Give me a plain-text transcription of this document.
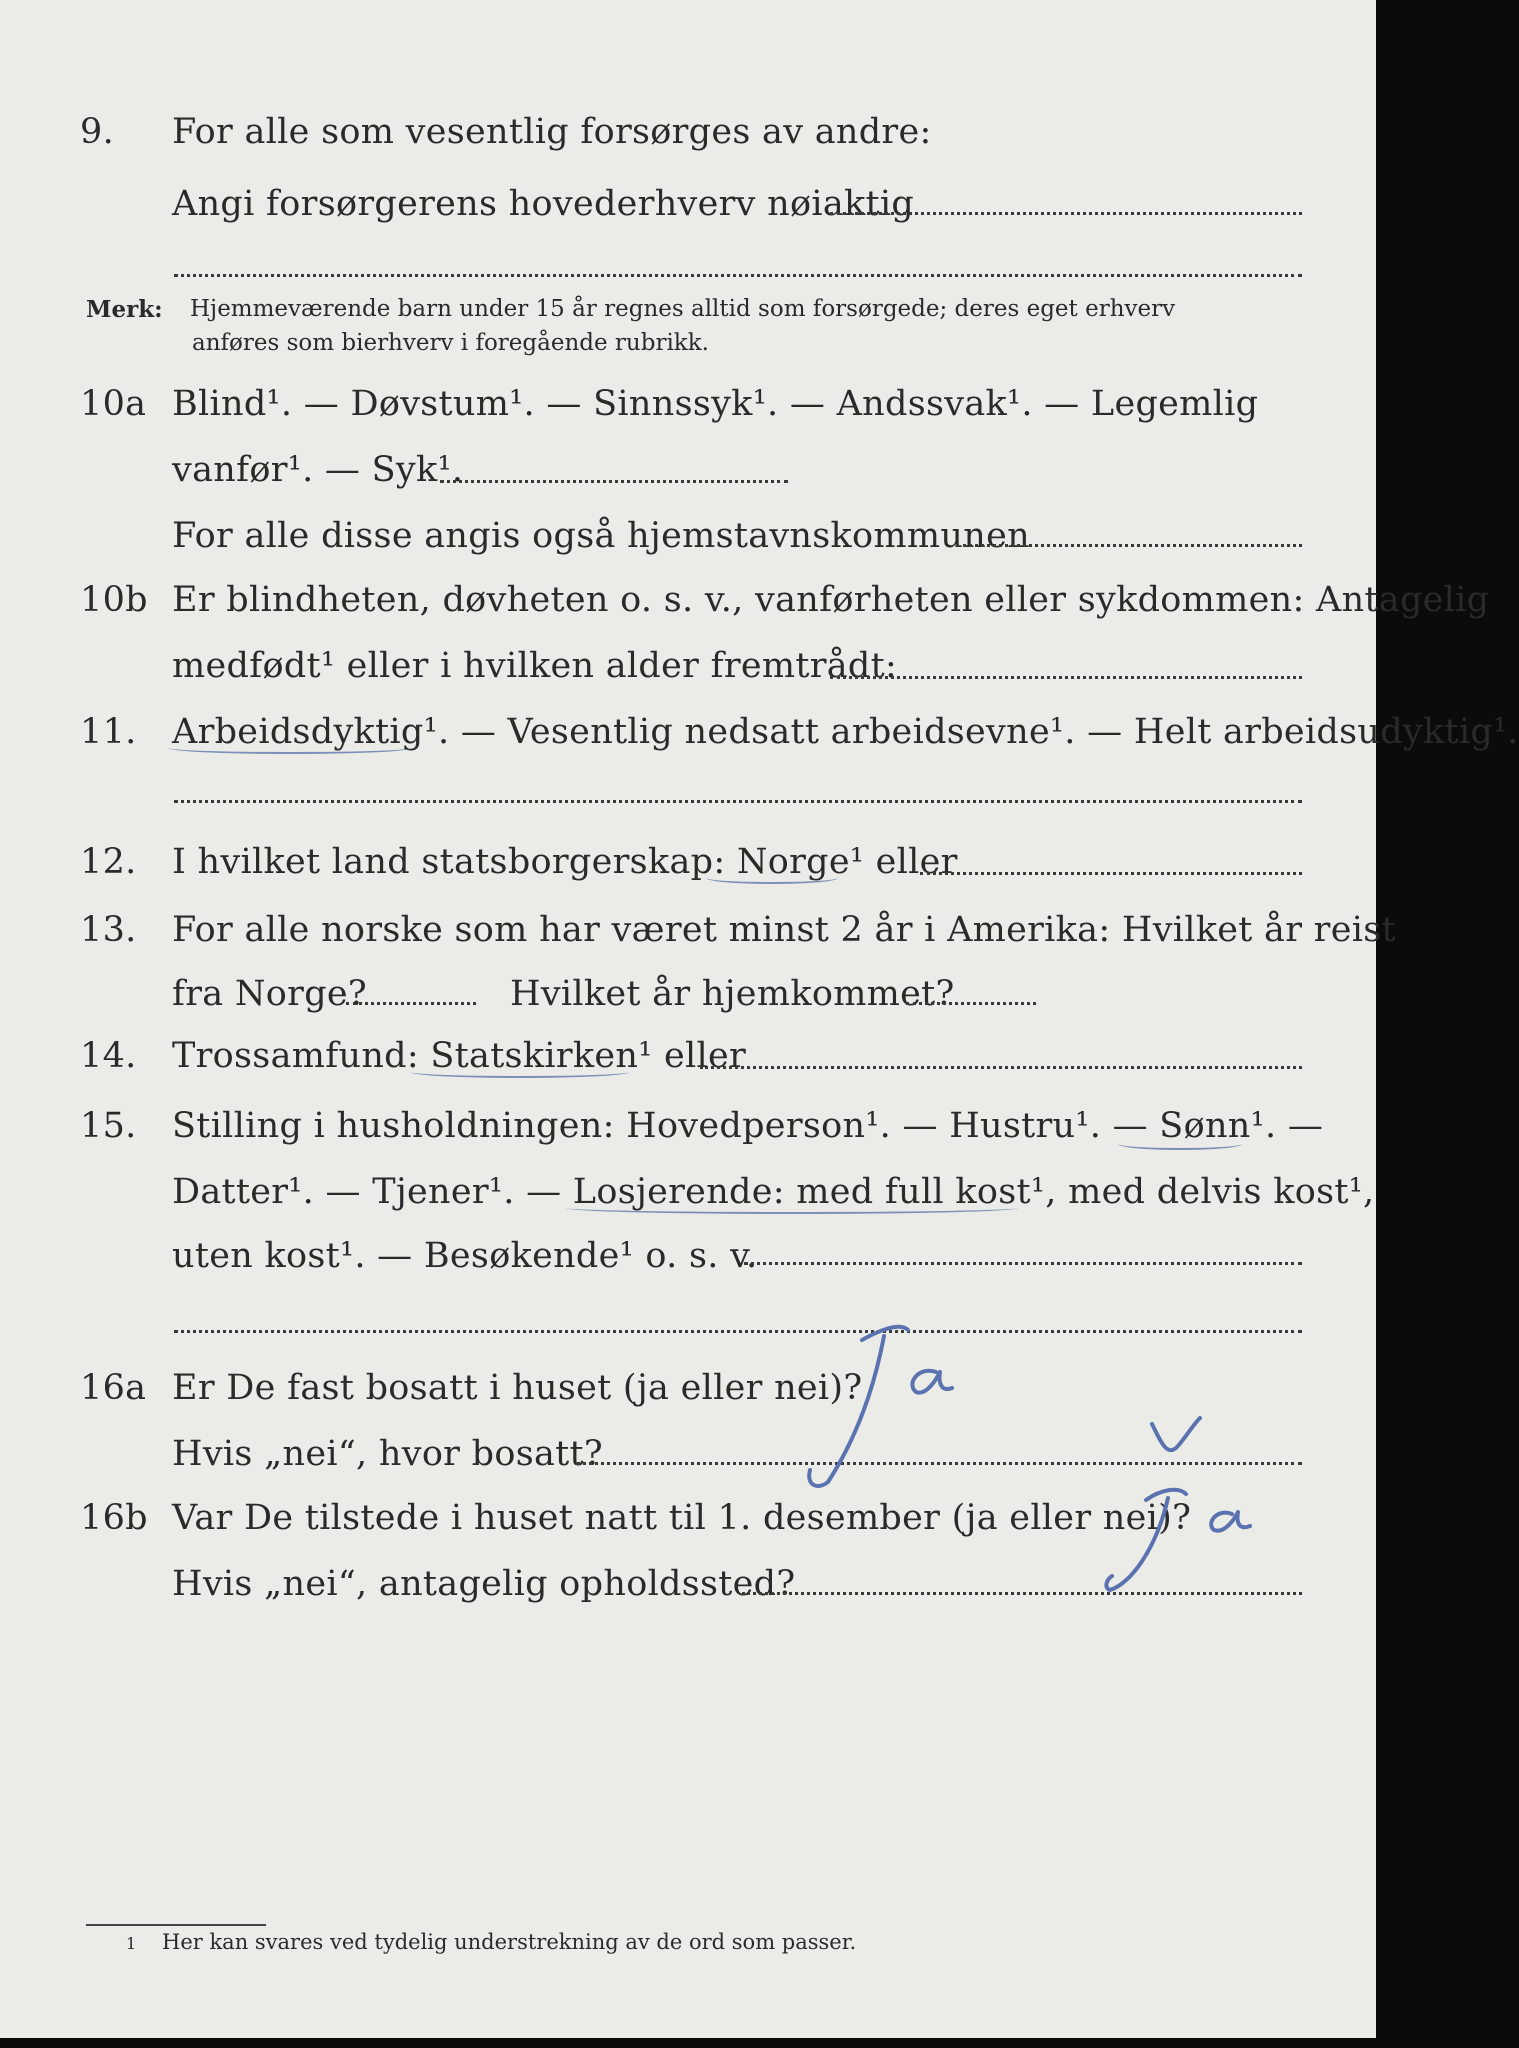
9. For alle som vesentlig forsørges av andre:
Angi forsørgerens hovederhverv nøiaktig
Merk: Hjemmeværende barn under 15 år regnes alltid som forsørgede; deres eget erhverv
anføres som bierhverv i foregående rubrikk.
10a Blind¹. — Døvstum¹. — Sinnssyk¹. — Andssvak¹. — Legemlig
vanfør¹. — Syk¹.
For alle disse angis også hjemstavnskommunen
10b Er blindheten, døvheten o. s. v., vanførheten eller sykdommen: Antagelig
medfødt¹ eller i hvilken alder fremtrådt:
11. Arbeidsdyktig¹. — Vesentlig nedsatt arbeidsevne¹. — Helt arbeidsudyktig¹.
12. I hvilket land statsborgerskap: Norge¹ eller
13. For alle norske som har været minst 2 år i Amerika: Hvilket år reist
fra Norge?	Hvilket år hjemkommet?
14. Trossamfund: Statskirken¹ eller
15. Stilling i husholdningen: Hovedperson¹. — Hustru¹. — Sønn¹. —
Datter¹. — Tjener¹. — Losjerende: med full kost¹, med delvis kost¹,
uten kost¹. — Besøkende¹ o. s. v.
16a Er De fast bosatt i huset (ja eller nei)?
Hvis „nei“, hvor bosatt?
16b Var De tilstede i huset natt til 1. desember (ja eller nei)?
Hvis „nei“, antagelig opholdssted?
1 Her kan svares ved tydelig understrekning av de ord som passer.
